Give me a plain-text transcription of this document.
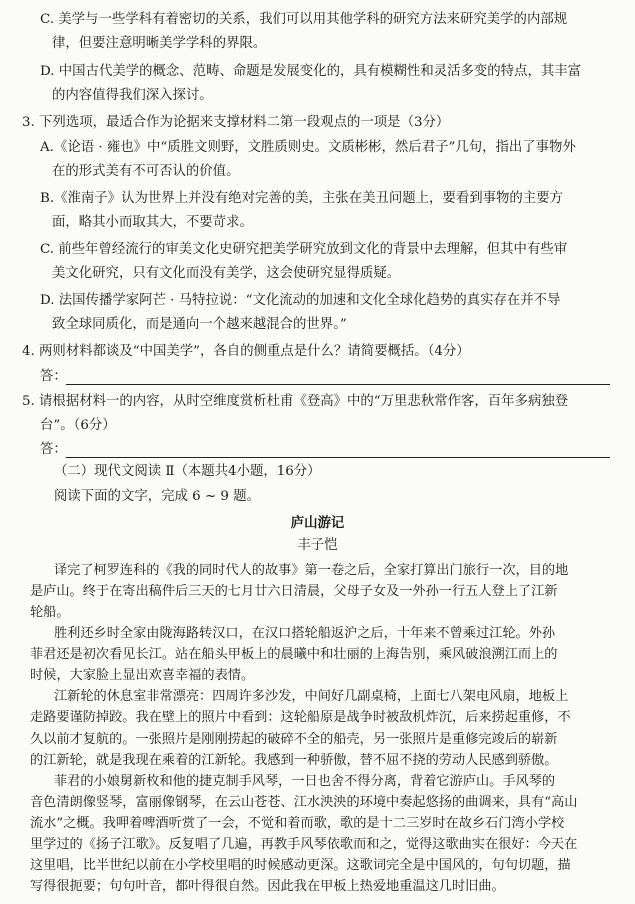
C. 美学与一些学科有着密切的关系，我们可以用其他学科的研究方法来研究美学的内部规
律，但要注意明晰美学学科的界限。
D. 中国古代美学的概念、范畴、命题是发展变化的，具有模糊性和灵活多变的特点，其丰富
的内容值得我们深入探讨。
3. 下列选项，最适合作为论据来支撑材料二第一段观点的一项是（3分）
A.《论语 · 雍也》中“质胜文则野，文胜质则史。文质彬彬，然后君子”几句，指出了事物外
在的形式美有不可否认的价值。
B.《淮南子》认为世界上并没有绝对完善的美，主张在美丑问题上，要看到事物的主要方
面，略其小而取其大，不要苛求。
C. 前些年曾经流行的审美文化史研究把美学研究放到文化的背景中去理解，但其中有些审
美文化研究，只有文化而没有美学，这会使研究显得质疑。
D. 法国传播学家阿芒 · 马特拉说：“文化流动的加速和文化全球化趋势的真实存在并不导
致全球同质化，而是通向一个越来越混合的世界。”
4. 两则材料都谈及“中国美学”，各自的侧重点是什么？请简要概括。（4分）
答：
5. 请根据材料一的内容，从时空维度赏析杜甫《登高》中的“万里悲秋常作客，百年多病独登
台”。（6分）
答：
（二）现代文阅读 Ⅱ（本题共4小题，16分）
阅读下面的文字，完成 6 ~ 9 题。
庐山游记
丰子恺
译完了柯罗连科的《我的同时代人的故事》第一卷之后，全家打算出门旅行一次，目的地
是庐山。终于在寄出稿件后三天的七月廿六日清晨，父母子女及一外孙一行五人登上了江新
轮船。
胜利还乡时全家由陇海路转汉口，在汉口搭轮船返沪之后，十年来不曾乘过江轮。外孙
菲君还是初次看见长江。站在船头甲板上的晨曦中和壮丽的上海告别，乘风破浪溯江而上的
时候，大家脸上显出欢喜幸福的表情。
江新轮的休息室非常漂亮：四周许多沙发，中间好几副桌椅，上面七八架电风扇，地板上
走路要谨防掉跤。我在壁上的照片中看到：这轮船原是战争时被敌机炸沉，后来捞起重修，不
久以前才复航的。一张照片是刚刚捞起的破碎不全的船壳，另一张照片是重修完竣后的崭新
的江新轮，就是我现在乘着的江新轮。我感到一种骄傲，替不屈不挠的劳动人民感到骄傲。
菲君的小娘舅新枚和他的捷克制手风琴，一日也舍不得分离，背着它游庐山。手风琴的
音色清朗像竖琴，富丽像钢琴，在云山苍苍、江水泱泱的环境中奏起悠扬的曲调来，具有“高山
流水”之概。我呷着啤酒听赏了一会，不觉和着而歌，歌的是十二三岁时在故乡石门湾小学校
里学过的《扬子江歌》。反复唱了几遍，再教手风琴依歌而和之，觉得这歌曲实在很好：今天在
这里唱，比半世纪以前在小学校里唱的时候感动更深。这歌词完全是中国风的，句句切题，描
写得很扼要；句句叶音，都叶得很自然。因此我在甲板上热爱地重温这几时旧曲。
